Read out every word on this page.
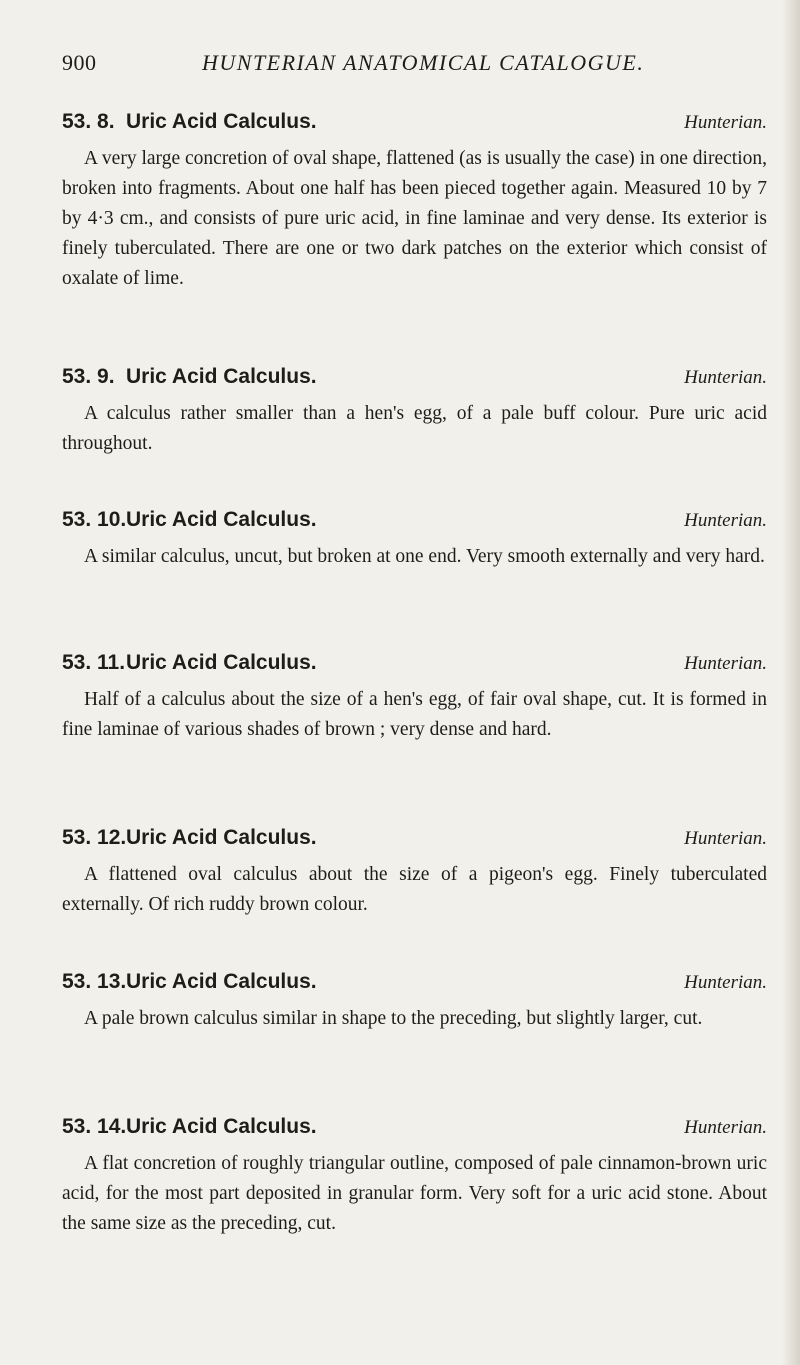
900	HUNTERIAN ANATOMICAL CATALOGUE.
53. 8. Uric Acid Calculus.	Hunterian.

A very large concretion of oval shape, flattened (as is usually the case) in one direction, broken into fragments. About one half has been pieced together again. Measured 10 by 7 by 4·3 cm., and consists of pure uric acid, in fine laminae and very dense. Its exterior is finely tuberculated. There are one or two dark patches on the exterior which consist of oxalate of lime.

53. 9. Uric Acid Calculus.	Hunterian.

A calculus rather smaller than a hen's egg, of a pale buff colour. Pure uric acid throughout.

53. 10. Uric Acid Calculus.	Hunterian.

A similar calculus, uncut, but broken at one end. Very smooth externally and very hard.

53. 11. Uric Acid Calculus.	Hunterian.

Half of a calculus about the size of a hen's egg, of fair oval shape, cut. It is formed in fine laminae of various shades of brown ; very dense and hard.

53. 12. Uric Acid Calculus.	Hunterian.

A flattened oval calculus about the size of a pigeon's egg. Finely tuberculated externally. Of rich ruddy brown colour.

53. 13. Uric Acid Calculus.	Hunterian.

A pale brown calculus similar in shape to the preceding, but slightly larger, cut.

53. 14. Uric Acid Calculus.	Hunterian.

A flat concretion of roughly triangular outline, composed of pale cinnamon-brown uric acid, for the most part deposited in granular form. Very soft for a uric acid stone. About the same size as the preceding, cut.
